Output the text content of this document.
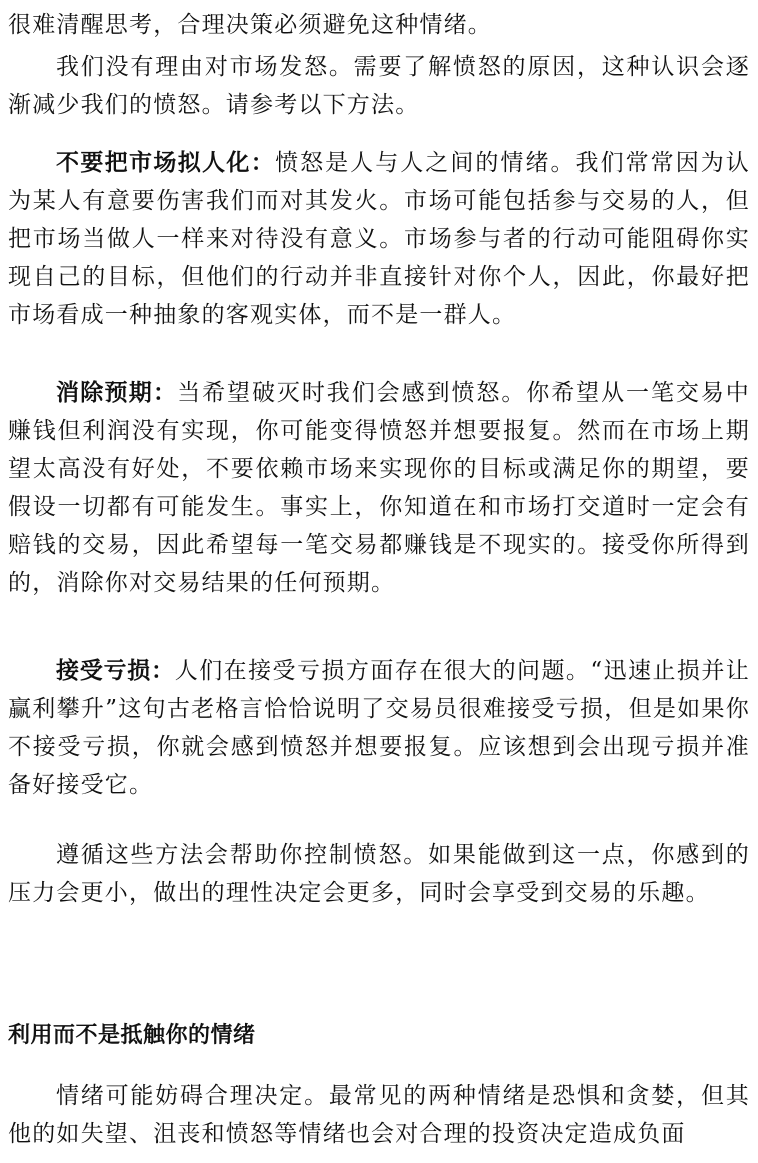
很难清醒思考，合理决策必须避免这种情绪。

我们没有理由对市场发怒。需要了解愤怒的原因，这种认识会逐渐减少我们的愤怒。请参考以下方法。

不要把市场拟人化：愤怒是人与人之间的情绪。我们常常因为认为某人有意要伤害我们而对其发火。市场可能包括参与交易的人，但把市场当做人一样来对待没有意义。市场参与者的行动可能阻碍你实现自己的目标，但他们的行动并非直接针对你个人，因此，你最好把市场看成一种抽象的客观实体，而不是一群人。

消除预期：当希望破灭时我们会感到愤怒。你希望从一笔交易中赚钱但利润没有实现，你可能变得愤怒并想要报复。然而在市场上期望太高没有好处，不要依赖市场来实现你的目标或满足你的期望，要假设一切都有可能发生。事实上，你知道在和市场打交道时一定会有赔钱的交易，因此希望每一笔交易都赚钱是不现实的。接受你所得到的，消除你对交易结果的任何预期。

接受亏损：人们在接受亏损方面存在很大的问题。“迅速止损并让赢利攀升”这句古老格言恰恰说明了交易员很难接受亏损，但是如果你不接受亏损，你就会感到愤怒并想要报复。应该想到会出现亏损并准备好接受它。

遵循这些方法会帮助你控制愤怒。如果能做到这一点，你感到的压力会更小，做出的理性决定会更多，同时会享受到交易的乐趣。

利用而不是抵触你的情绪

情绪可能妨碍合理决定。最常见的两种情绪是恐惧和贪婪，但其他的如失望、沮丧和愤怒等情绪也会对合理的投资决定造成负面
